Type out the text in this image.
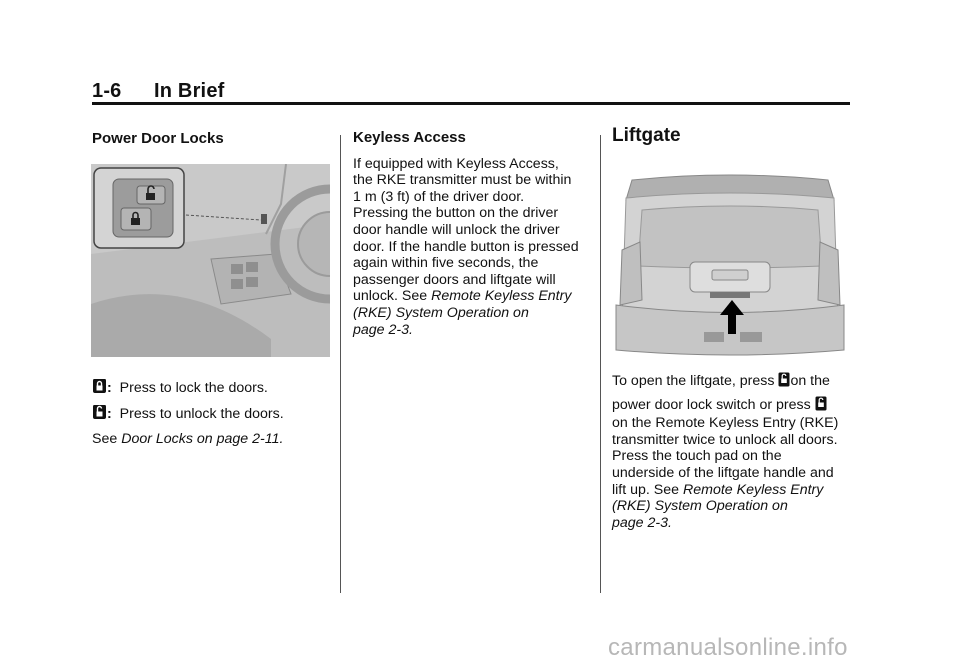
1-6 In Brief
Power Door Locks

: Press to lock the doors.

: Press to unlock the doors.

See Door Locks on page 2-11.

Keyless Access
If equipped with Keyless Access,
the RKE transmitter must be within
1 m (3 ft) of the driver door.
Pressing the button on the driver
door handle will unlock the driver
door. If the handle button is pressed
again within five seconds, the
passenger doors and liftgate will
unlock. See Remote Keyless Entry
(RKE) System Operation on
page 2-3.
Liftgate
To open the liftgate, press on the
power door lock switch or press
on the Remote Keyless Entry (RKE)
transmitter twice to unlock all doors.
Press the touch pad on the
underside of the liftgate handle and
lift up. See Remote Keyless Entry
(RKE) System Operation on
page 2-3.
carmanualsonline.info
